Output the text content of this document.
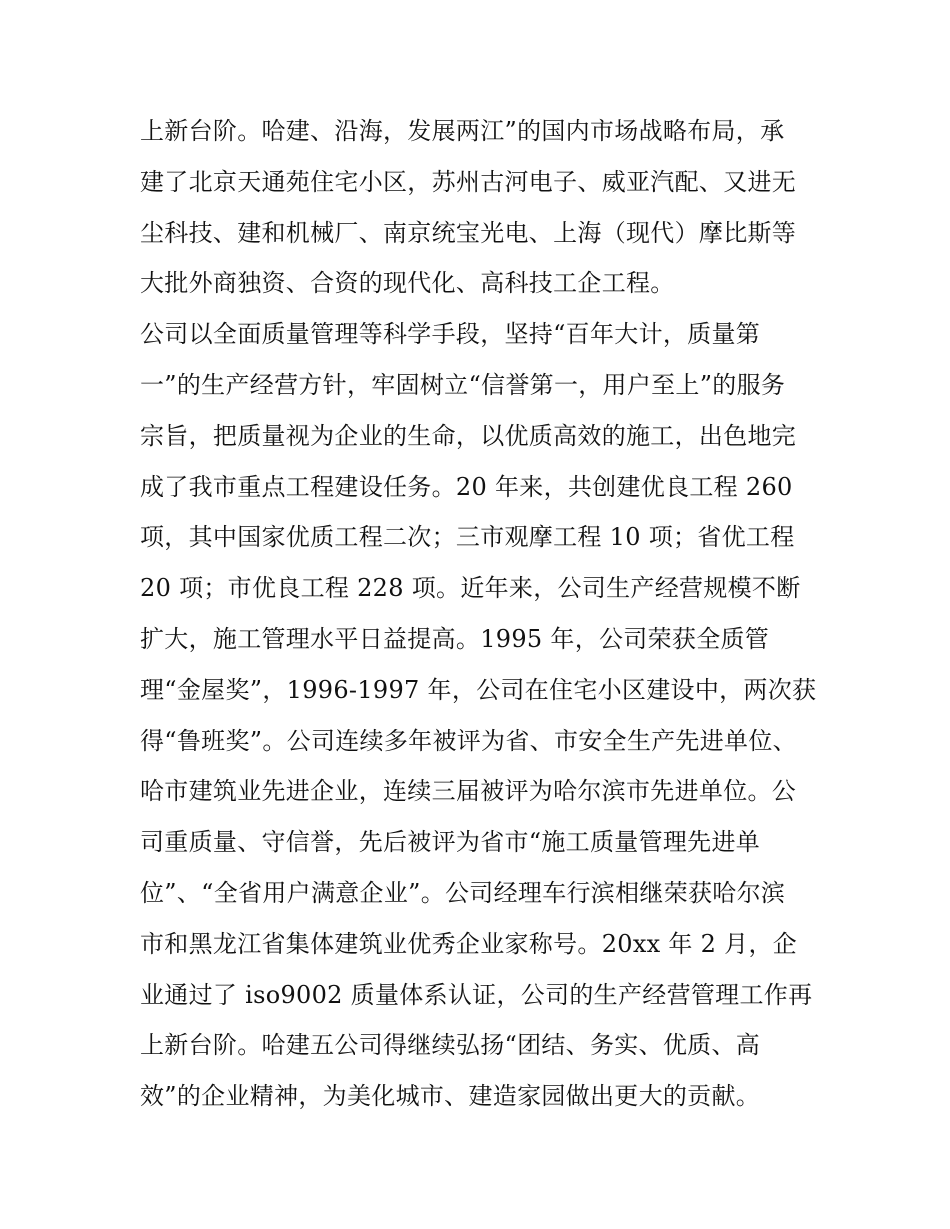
上新台阶。哈建、沿海，发展两江”的国内市场战略布局，承
建了北京天通苑住宅小区，苏州古河电子、威亚汽配、又进无
尘科技、建和机械厂、南京统宝光电、上海（现代）摩比斯等
大批外商独资、合资的现代化、高科技工企工程。
公司以全面质量管理等科学手段，坚持“百年大计，质量第
一”的生产经营方针，牢固树立“信誉第一，用户至上”的服务
宗旨，把质量视为企业的生命，以优质高效的施工，出色地完
成了我市重点工程建设任务。20 年来，共创建优良工程 260
项，其中国家优质工程二次；三市观摩工程 10 项；省优工程
20 项；市优良工程 228 项。近年来，公司生产经营规模不断
扩大，施工管理水平日益提高。1995 年，公司荣获全质管
理“金屋奖”，1996-1997 年，公司在住宅小区建设中，两次获
得“鲁班奖”。公司连续多年被评为省、市安全生产先进单位、
哈市建筑业先进企业，连续三届被评为哈尔滨市先进单位。公
司重质量、守信誉，先后被评为省市“施工质量管理先进单
位”、“全省用户满意企业”。公司经理车行滨相继荣获哈尔滨
市和黑龙江省集体建筑业优秀企业家称号。20xx 年 2 月，企
业通过了 iso9002 质量体系认证，公司的生产经营管理工作再
上新台阶。哈建五公司得继续弘扬“团结、务实、优质、高
效”的企业精神，为美化城市、建造家园做出更大的贡献。
